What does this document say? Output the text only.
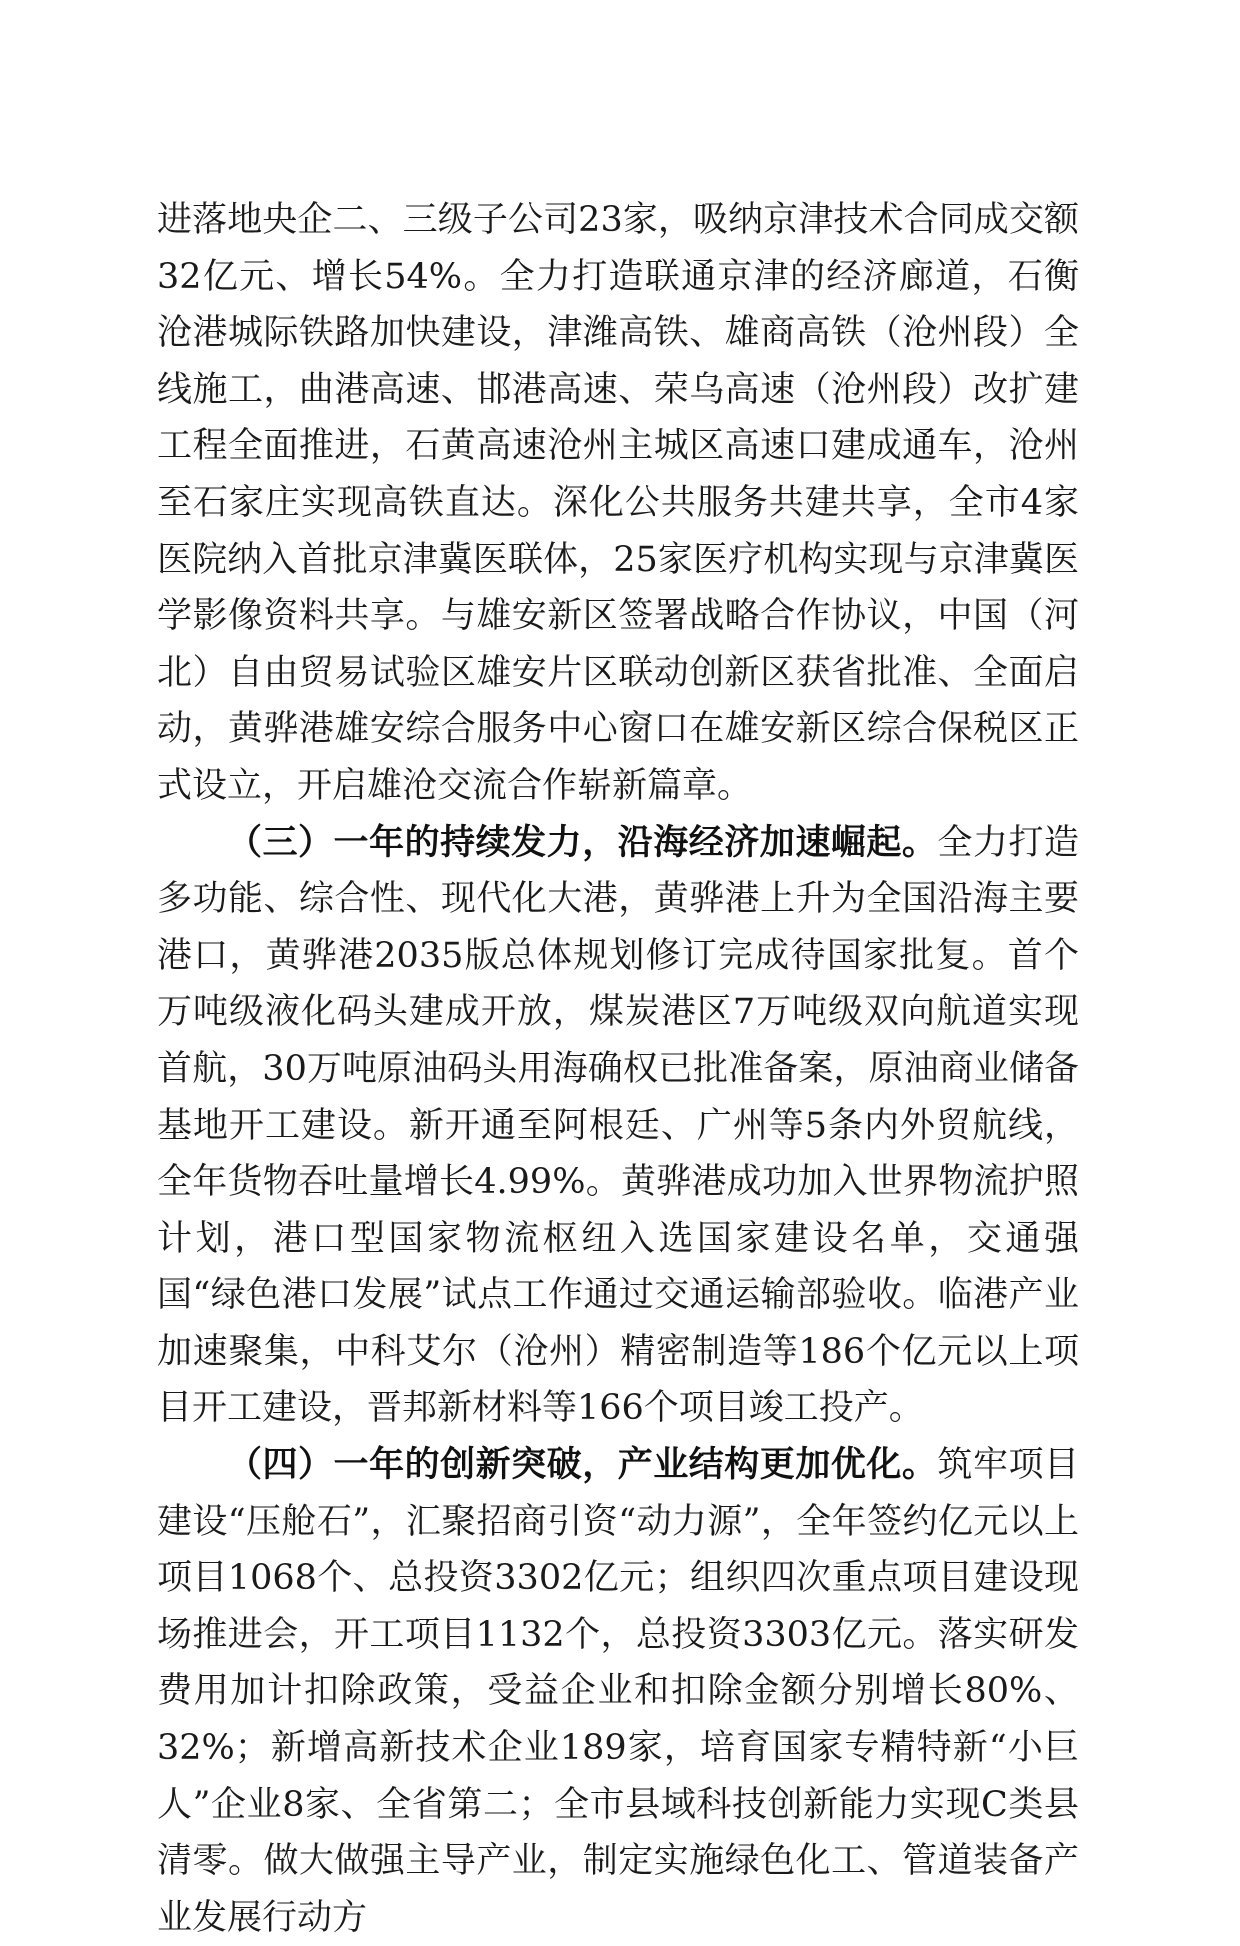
进落地央企二、三级子公司23家，吸纳京津技术合同成交额32亿元、增长54%。全力打造联通京津的经济廊道，石衡沧港城际铁路加快建设，津潍高铁、雄商高铁（沧州段）全线施工，曲港高速、邯港高速、荣乌高速（沧州段）改扩建工程全面推进，石黄高速沧州主城区高速口建成通车，沧州至石家庄实现高铁直达。深化公共服务共建共享，全市4家医院纳入首批京津冀医联体，25家医疗机构实现与京津冀医学影像资料共享。与雄安新区签署战略合作协议，中国（河北）自由贸易试验区雄安片区联动创新区获省批准、全面启动，黄骅港雄安综合服务中心窗口在雄安新区综合保税区正式设立，开启雄沧交流合作崭新篇章。

（三）一年的持续发力，沿海经济加速崛起。全力打造多功能、综合性、现代化大港，黄骅港上升为全国沿海主要港口，黄骅港2035版总体规划修订完成待国家批复。首个万吨级液化码头建成开放，煤炭港区7万吨级双向航道实现首航，30万吨原油码头用海确权已批准备案，原油商业储备基地开工建设。新开通至阿根廷、广州等5条内外贸航线，全年货物吞吐量增长4.99%。黄骅港成功加入世界物流护照计划，港口型国家物流枢纽入选国家建设名单，交通强国“绿色港口发展”试点工作通过交通运输部验收。临港产业加速聚集，中科艾尔（沧州）精密制造等186个亿元以上项目开工建设，晋邦新材料等166个项目竣工投产。

（四）一年的创新突破，产业结构更加优化。筑牢项目建设“压舱石”，汇聚招商引资“动力源”，全年签约亿元以上项目1068个、总投资3302亿元；组织四次重点项目建设现场推进会，开工项目1132个，总投资3303亿元。落实研发费用加计扣除政策，受益企业和扣除金额分别增长80%、32%；新增高新技术企业189家，培育国家专精特新“小巨人”企业8家、全省第二；全市县域科技创新能力实现C类县清零。做大做强主导产业，制定实施绿色化工、管道装备产业发展行动方
